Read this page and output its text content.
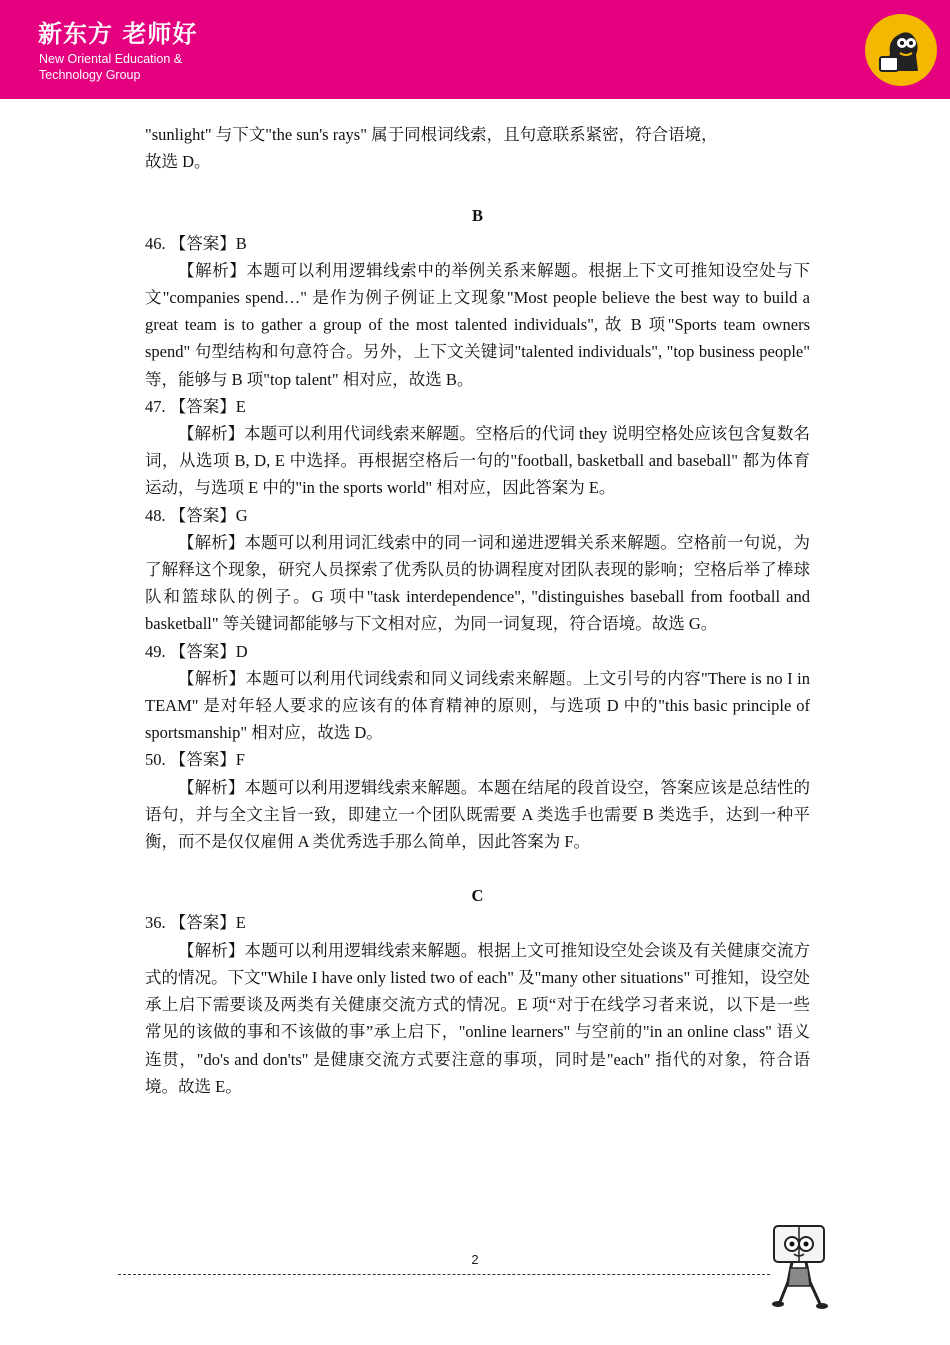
新东方 老师好
New Oriental Education &
Technology Group

"sunlight" 与下文"the sun's rays" 属于同根词线索，且句意联系紧密，符合语境，

故选 D。

B

46. 【答案】B

【解析】本题可以利用逻辑线索中的举例关系来解题。根据上下文可推知设空处与下文"companies spend…" 是作为例子例证上文现象"Most people believe the best way to build a great team is to gather a group of the most talented individuals", 故 B 项"Sports team owners spend" 句型结构和句意符合。另外，上下文关键词"talented individuals", "top business people" 等，能够与 B 项"top talent" 相对应，故选 B。

47. 【答案】E

【解析】本题可以利用代词线索来解题。空格后的代词 they 说明空格处应该包含复数名词，从选项 B, D, E 中选择。再根据空格后一句的"football, basketball and baseball" 都为体育运动，与选项 E 中的"in the sports world" 相对应，因此答案为 E。

48. 【答案】G

【解析】本题可以利用词汇线索中的同一词和递进逻辑关系来解题。空格前一句说，为了解释这个现象，研究人员探索了优秀队员的协调程度对团队表现的影响；空格后举了棒球队和篮球队的例子。G 项中"task interdependence", "distinguishes baseball from football and basketball" 等关键词都能够与下文相对应，为同一词复现，符合语境。故选 G。

49. 【答案】D

【解析】本题可以利用代词线索和同义词线索来解题。上文引号的内容"There is no I in TEAM" 是对年轻人要求的应该有的体育精神的原则，与选项 D 中的"this basic principle of sportsmanship" 相对应，故选 D。

50. 【答案】F

【解析】本题可以利用逻辑线索来解题。本题在结尾的段首设空，答案应该是总结性的语句，并与全文主旨一致，即建立一个团队既需要 A 类选手也需要 B 类选手，达到一种平衡，而不是仅仅雇佣 A 类优秀选手那么简单，因此答案为 F。

C

36. 【答案】E

【解析】本题可以利用逻辑线索来解题。根据上文可推知设空处会谈及有关健康交流方式的情况。下文"While I have only listed two of each" 及"many other situations" 可推知，设空处承上启下需要谈及两类有关健康交流方式的情况。E 项“对于在线学习者来说，以下是一些常见的该做的事和不该做的事”承上启下，"online learners" 与空前的"in an online class" 语义连贯，"do's and don'ts" 是健康交流方式要注意的事项，同时是"each" 指代的对象，符合语境。故选 E。

2
